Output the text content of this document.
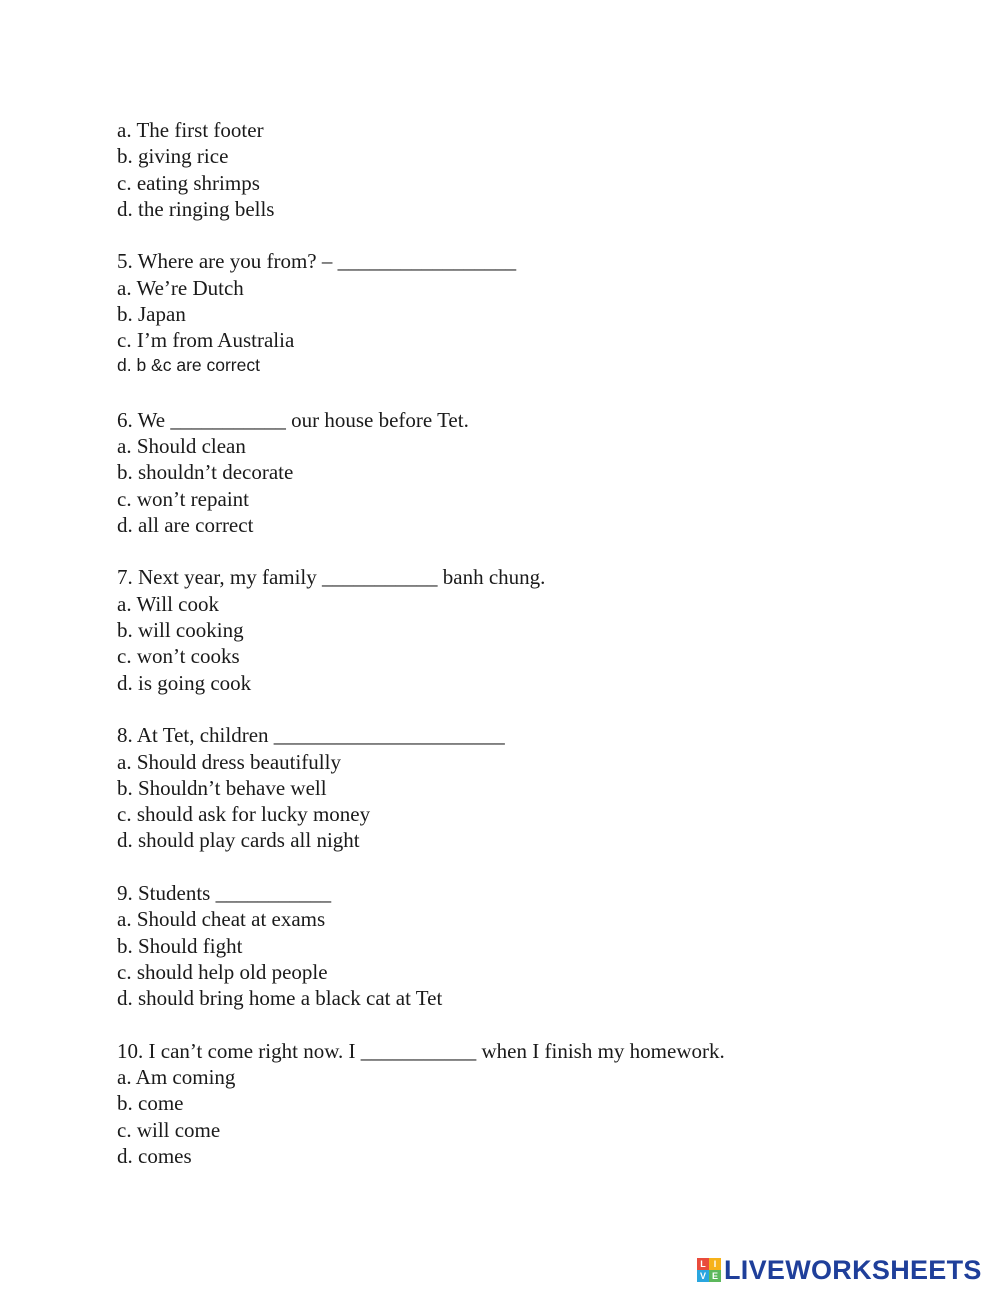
a. The first footer
b. giving rice
c. eating shrimps
d. the ringing bells
5. Where are you from? – _________________
a. We’re Dutch
b. Japan
c. I’m from Australia
d. b &c are correct
6. We ___________ our house before Tet.
a. Should clean
b. shouldn’t decorate
c. won’t repaint
d. all are correct
7. Next year, my family ___________ banh chung.
a. Will cook
b. will cooking
c. won’t cooks
d. is going cook
8. At Tet, children ______________________
a. Should dress beautifully
b. Shouldn’t behave well
c. should ask for lucky money
d. should play cards all night
9. Students ___________
a. Should cheat at exams
b. Should fight
c. should help old people
d. should bring home a black cat at Tet
10. I can’t come right now. I ___________ when I finish my homework.
a. Am coming
b. come
c. will come
d. comes
L I
V E LIVEWORKSHEETS
